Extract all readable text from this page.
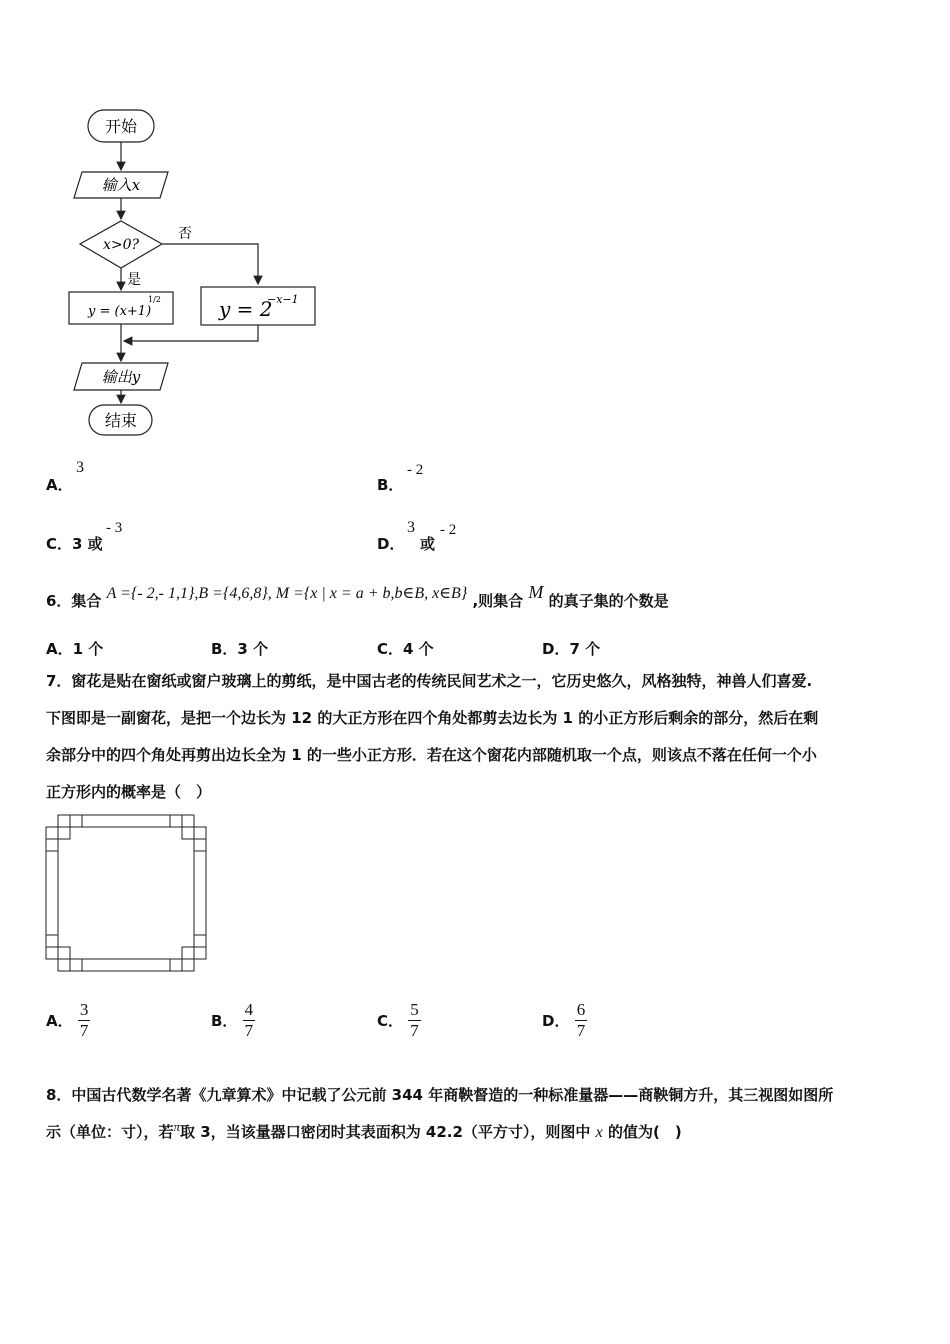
开始
输入x
x>0?
否
是
y = (x+1)
1/2	y = 2
−x−1
输出y
结束
A．
3
B．
- 2
C．3 或
- 3
D．
3
或
- 2
6．集合 A ={- 2,- 1,1},B ={4,6,8}, M ={x | x = a + b,b∈B, x∈B} ,则集合 M 的真子集的个数是
A．1 个	B．3 个	C．4 个	D．7 个
7．窗花是贴在窗纸或窗户玻璃上的剪纸，是中国古老的传统民间艺术之一，它历史悠久，风格独特，神兽人们喜爱.
下图即是一副窗花，是把一个边长为 12 的大正方形在四个角处都剪去边长为 1 的小正方形后剩余的部分，然后在剩
余部分中的四个角处再剪出边长全为 1 的一些小正方形．若在这个窗花内部随机取一个点，则该点不落在任何一个小
正方形内的概率是（　）
A． $\frac{3}{7}$	B． $\frac{4}{7}$	C． $\frac{5}{7}$	D． $\frac{6}{7}$
8．中国古代数学名著《九章算术》中记载了公元前 344 年商鞅督造的一种标准量器——商鞅铜方升，其三视图如图所
示（单位：寸），若π取 3，当该量器口密闭时其表面积为 42.2（平方寸），则图中 x 的值为(　)
